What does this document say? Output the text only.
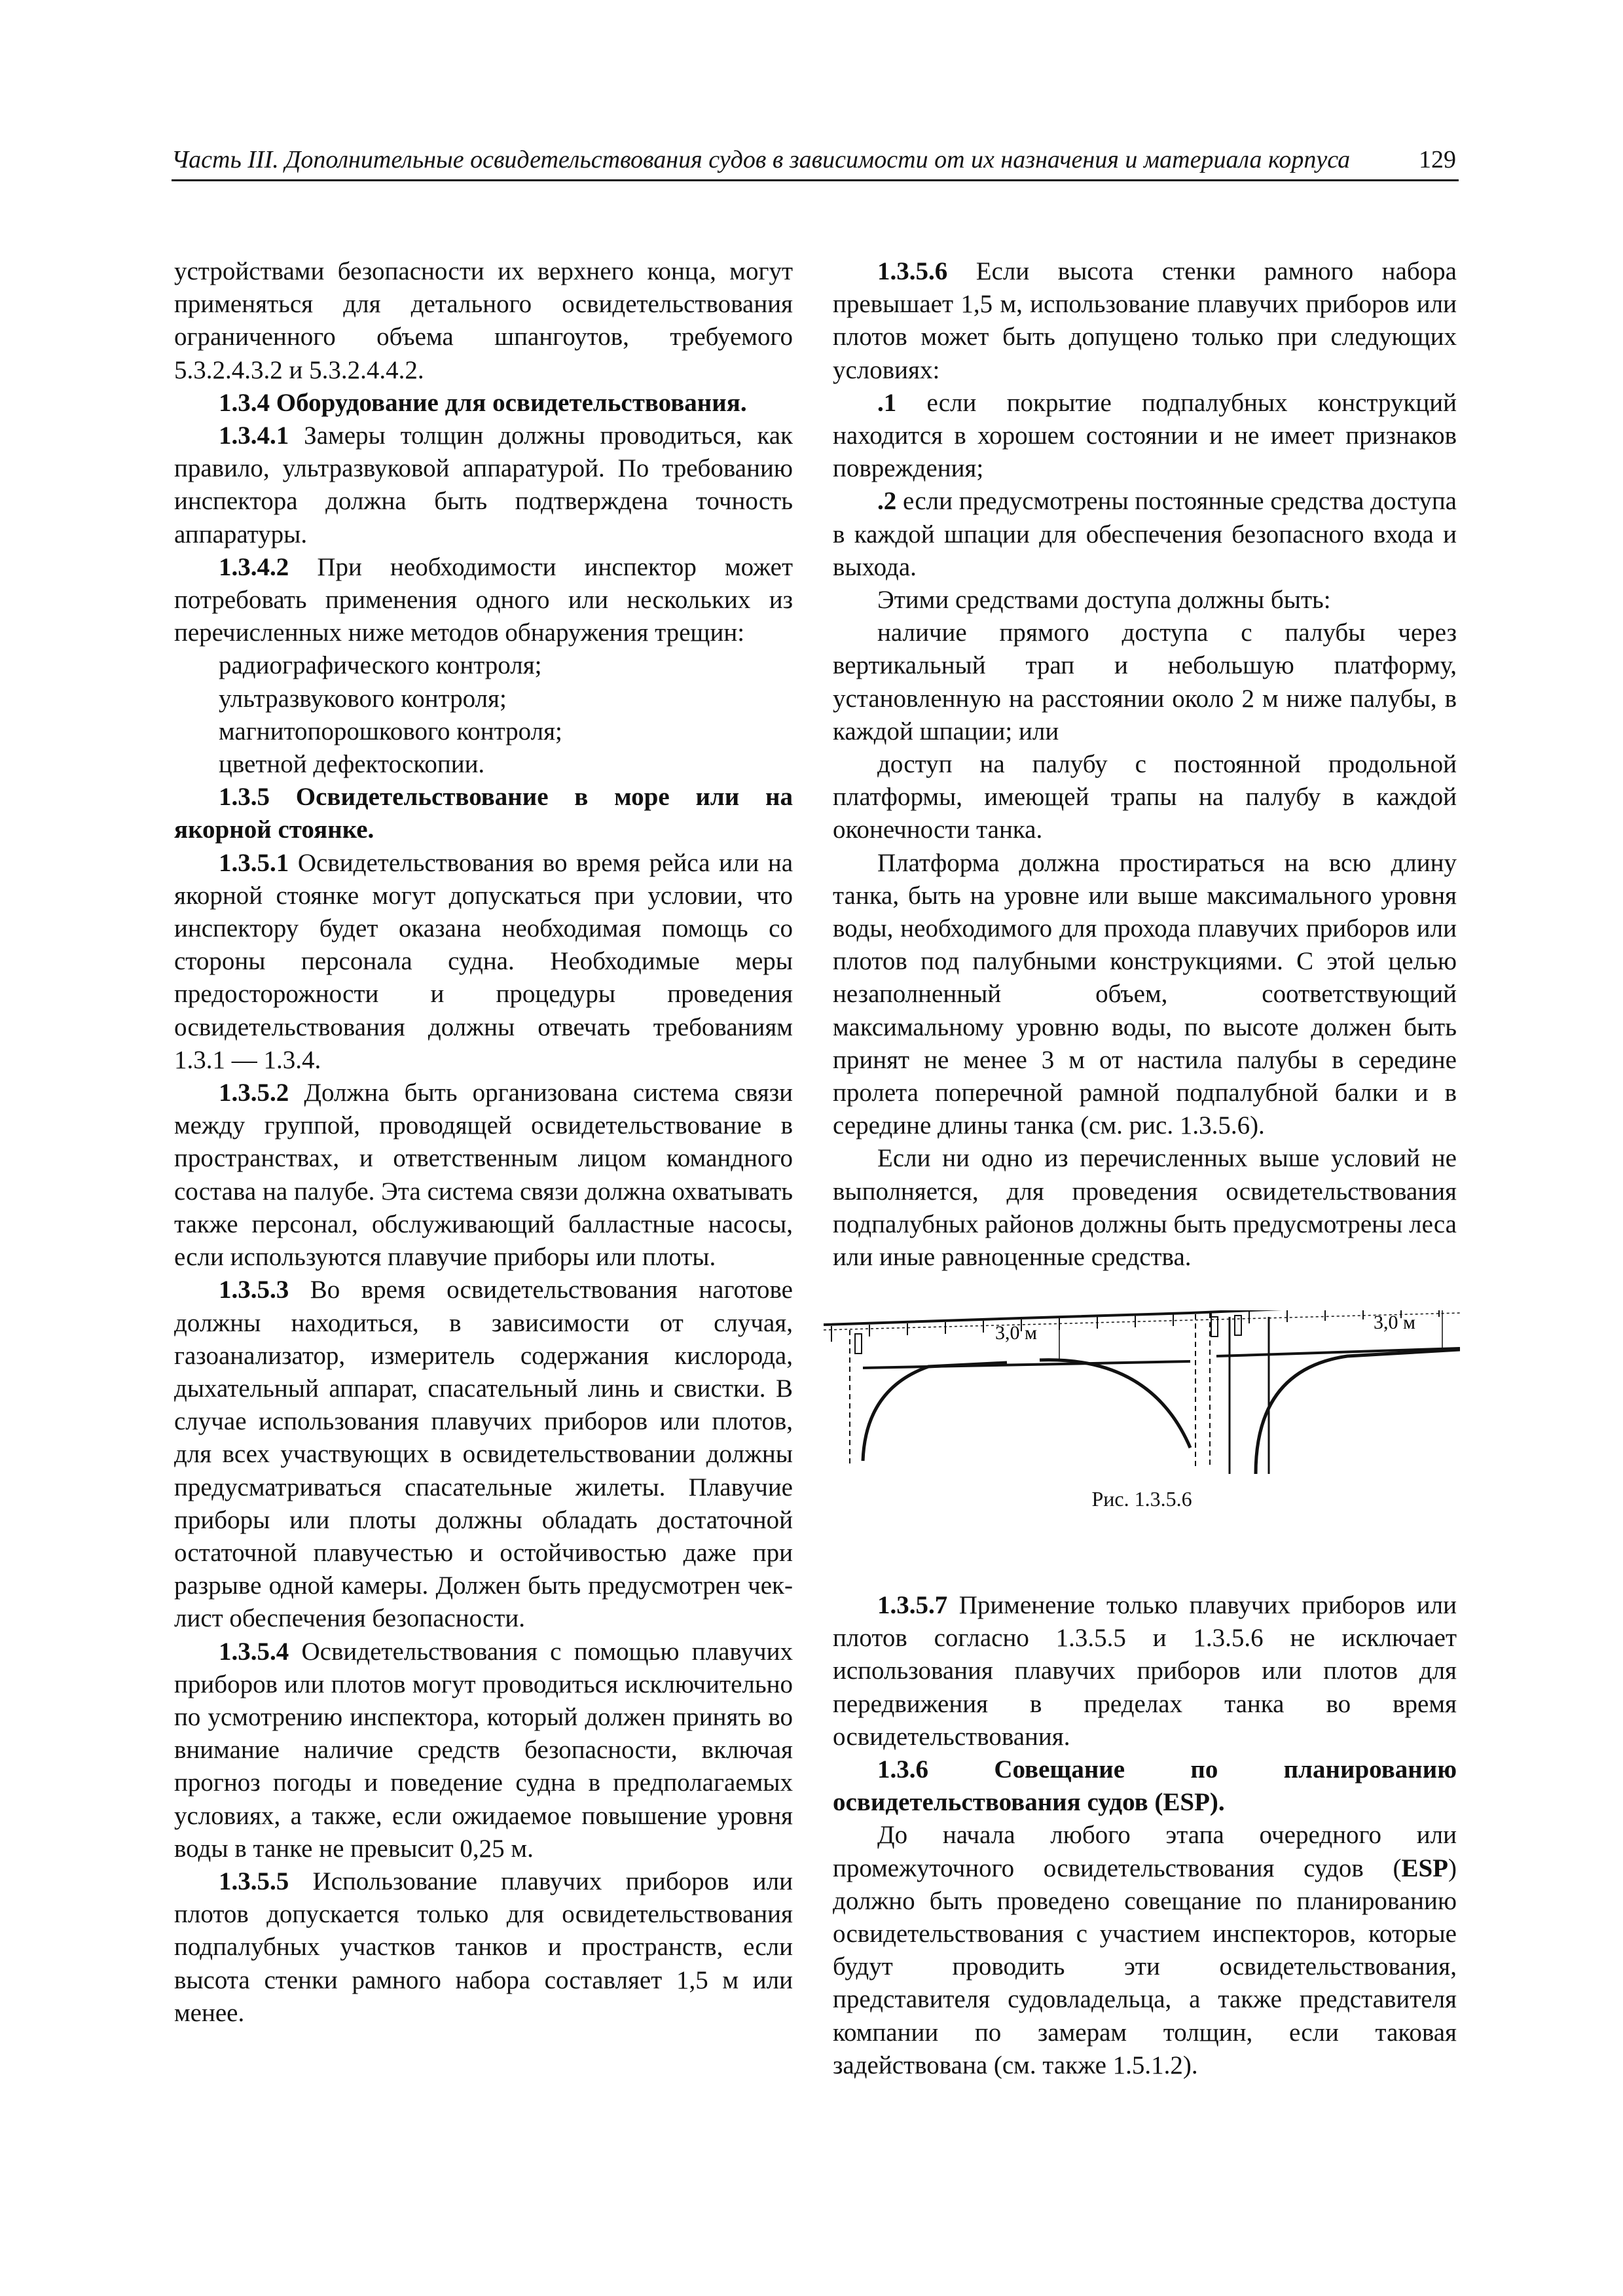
Часть III. Дополнительные освидетельствования судов в зависимости от их назначения и материала корпуса	129

устройствами безопасности их верхнего конца, могут применяться для детального освидетельствования ограниченного объема шпангоутов, требуемого 5.3.2.4.3.2 и 5.3.2.4.4.2.

1.3.4 Оборудование для освидетельствования.

1.3.4.1 Замеры толщин должны проводиться, как правило, ультразвуковой аппаратурой. По требованию инспектора должна быть подтверждена точность аппаратуры.

1.3.4.2 При необходимости инспектор может потребовать применения одного или нескольких из перечисленных ниже методов обнаружения трещин:

радиографического контроля;

ультразвукового контроля;

магнитопорошкового контроля;

цветной дефектоскопии.

1.3.5 Освидетельствование в море или на якорной стоянке.

1.3.5.1 Освидетельствования во время рейса или на якорной стоянке могут допускаться при условии, что инспектору будет оказана необходимая помощь со стороны персонала судна. Необходимые меры предосторожности и процедуры проведения освидетельствования должны отвечать требованиям 1.3.1 — 1.3.4.

1.3.5.2 Должна быть организована система связи между группой, проводящей освидетельствование в пространствах, и ответственным лицом командного состава на палубе. Эта система связи должна охватывать также персонал, обслуживающий балластные насосы, если используются плавучие приборы или плоты.

1.3.5.3 Во время освидетельствования наготове должны находиться, в зависимости от случая, газоанализатор, измеритель содержания кислорода, дыхательный аппарат, спасательный линь и свистки. В случае использования плавучих приборов или плотов, для всех участвующих в освидетельствовании должны предусматриваться спасательные жилеты. Плавучие приборы или плоты должны обладать достаточной остаточной плавучестью и остойчивостью даже при разрыве одной камеры. Должен быть предусмотрен чек-лист обеспечения безопасности.

1.3.5.4 Освидетельствования с помощью плавучих приборов или плотов могут проводиться исключительно по усмотрению инспектора, который должен принять во внимание наличие средств безопасности, включая прогноз погоды и поведение судна в предполагаемых условиях, а также, если ожидаемое повышение уровня воды в танке не превысит 0,25 м.

1.3.5.5 Использование плавучих приборов или плотов допускается только для освидетельствования подпалубных участков танков и пространств, если высота стенки рамного набора составляет 1,5 м или менее.

1.3.5.6 Если высота стенки рамного набора превышает 1,5 м, использование плавучих приборов или плотов может быть допущено только при следующих условиях:

.1 если покрытие подпалубных конструкций находится в хорошем состоянии и не имеет признаков повреждения;

.2 если предусмотрены постоянные средства доступа в каждой шпации для обеспечения безопасного входа и выхода.

Этими средствами доступа должны быть:

наличие прямого доступа с палубы через вертикальный трап и небольшую платформу, установленную на расстоянии около 2 м ниже палубы, в каждой шпации; или

доступ на палубу с постоянной продольной платформы, имеющей трапы на палубу в каждой оконечности танка.

Платформа должна простираться на всю длину танка, быть на уровне или выше максимального уровня воды, необходимого для прохода плавучих приборов или плотов под палубными конструкциями. С этой целью незаполненный объем, соответствующий максимальному уровню воды, по высоте должен быть принят не менее 3 м от настила палубы в середине пролета поперечной рамной подпалубной балки и в середине длины танка (см. рис. 1.3.5.6).

Если ни одно из перечисленных выше условий не выполняется, для проведения освидетельствования подпалубных районов должны быть предусмотрены леса или иные равноценные средства.

3,0 м	3,0 м
Рис. 1.3.5.6

1.3.5.7 Применение только плавучих приборов или плотов согласно 1.3.5.5 и 1.3.5.6 не исключает использования плавучих приборов или плотов для передвижения в пределах танка во время освидетельствования.

1.3.6 Совещание по планированию освидетельствования судов (ESP).

До начала любого этапа очередного или промежуточного освидетельствования судов (ESP) должно быть проведено совещание по планированию освидетельствования с участием инспекторов, которые будут проводить эти освидетельствования, представителя судовладельца, а также представителя компании по замерам толщин, если таковая задействована (см. также 1.5.1.2).
